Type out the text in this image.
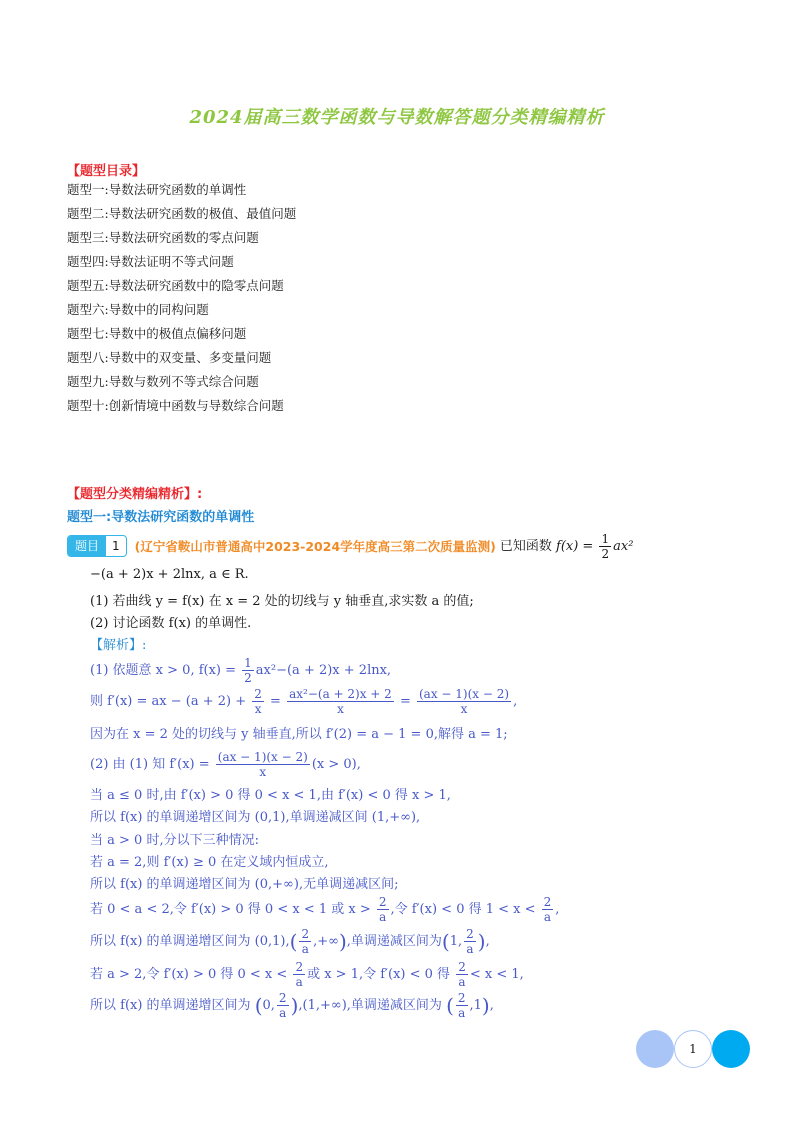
2024届高三数学函数与导数解答题分类精编精析
【题型目录】
题型一:导数法研究函数的单调性
题型二:导数法研究函数的极值、最值问题
题型三:导数法研究函数的零点问题
题型四:导数法证明不等式问题
题型五:导数法研究函数中的隐零点问题
题型六:导数中的同构问题
题型七:导数中的极值点偏移问题
题型八:导数中的双变量、多变量问题
题型九:导数与数列不等式综合问题
题型十:创新情境中函数与导数综合问题
【题型分类精编精析】:
题型一:导数法研究函数的单调性
题目	1	(辽宁省鞍山市普通高中2023-2024学年度高三第二次质量监测) 已知函数 $f(x) = \frac{1}{2} ax^2$
−(a + 2)x + 2lnx, a ∈ R.
(1) 若曲线 y = f(x) 在 x = 2 处的切线与 y 轴垂直,求实数 a 的值;
(2) 讨论函数 f(x) 的单调性.
【解析】:
(1) 依题意 x > 0, $f(x) = \frac{1}{2} ax^2-(a + 2)x + 2\ln x$,
则 f′(x) = ax − $(a + 2) + \frac{2}{x} = \frac{\text{ax²−(a + 2)x + 2}}{x} = \frac{(ax - 1)(x - 2)}{x}$ ,
因为在 x = 2 处的切线与 y 轴垂直,所以 f′(2) = a − 1 = 0,解得 a = 1;
(2) 由 (1) 知 $f'(x) = \frac{(ax - 1)(x - 2)}{x} (x > 0)$,
当 a ≤ 0 时,由 f′(x) > 0 得 0 < x < 1,由 f′(x) < 0 得 x > 1,
所以 f(x) 的单调递增区间为 (0,1),单调递减区间 (1,+∞),
当 a > 0 时,分以下三种情况:
若 a = 2,则 f′(x) ≥ 0 在定义域内恒成立,
所以 f(x) 的单调递增区间为 (0,+∞),无单调递减区间;
若 0 < a < 2,令 f′(x) > 0 得 0 < x < 1 或 $x > \frac{2}{a}$ ,令 f′(x) < 0 得 $1 < x < \frac{2}{a}$ ,
所以 f(x) 的单调递增区间为 $(0,1),( \frac{2}{a}$ ,+∞),单调递减区间为(1, $\frac{2}{a}$ ),
若 a > 2,令 f′(x) > 0 得 $0 < x < \frac{2}{a}$ 或 x > 1,令 f′(x) < 0 得 $\frac{2}{a} < x < 1$,
所以 f(x) 的单调递增区间为 (0, $\frac{2}{a} ),(1,+\infty)$,单调递减区间为 ( $\frac{2}{a} ,1$),
1
